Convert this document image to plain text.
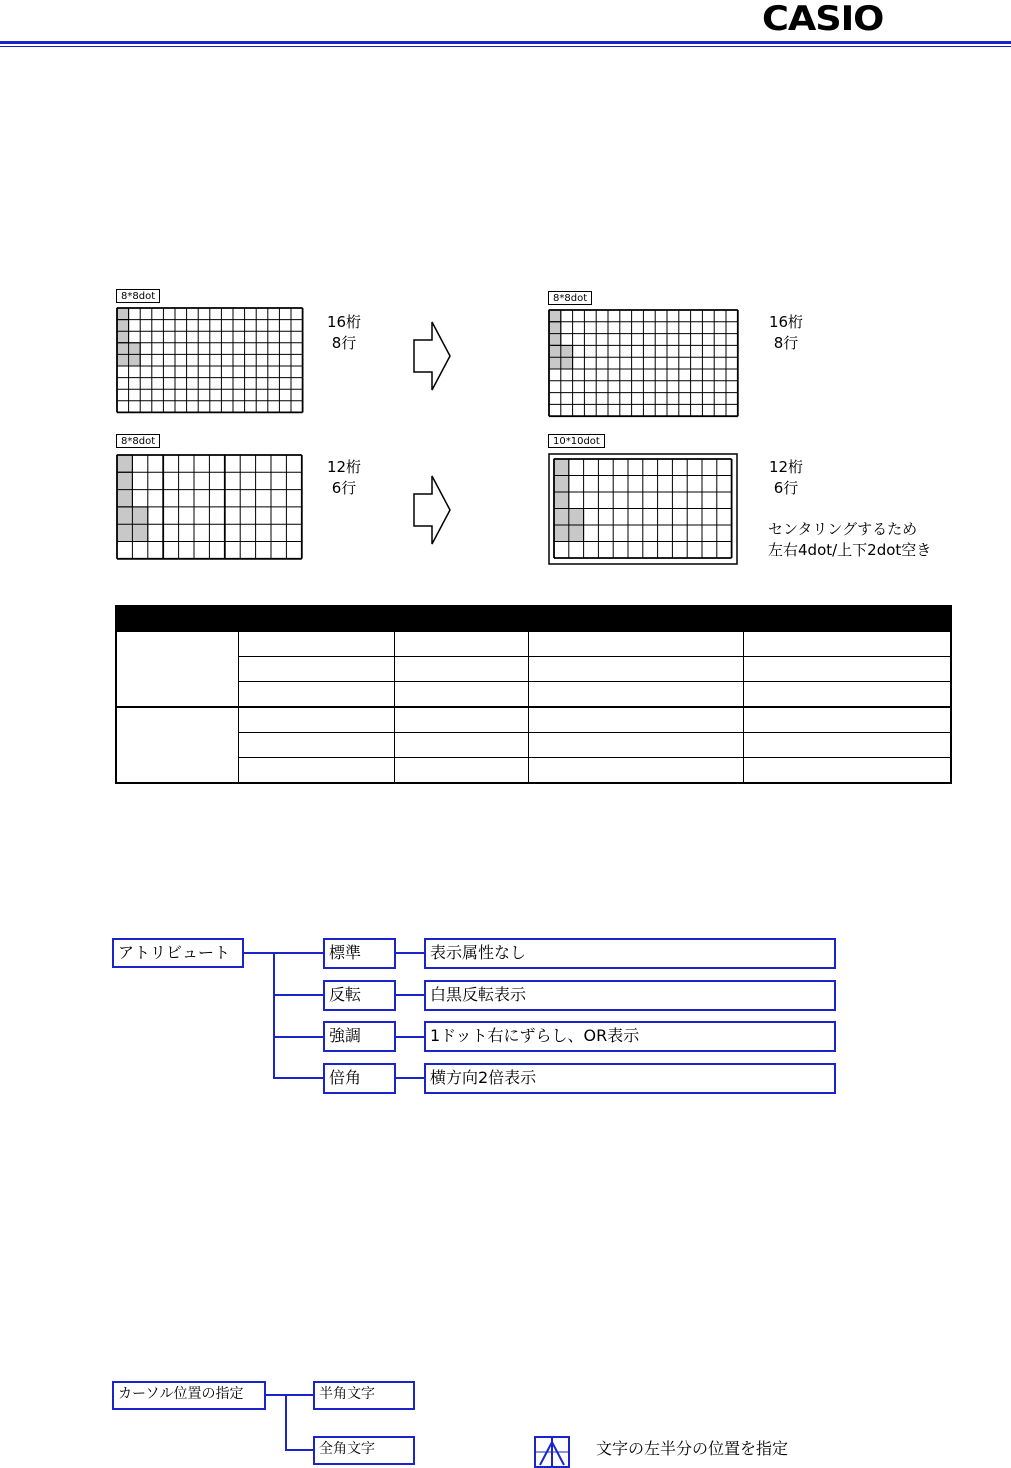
CASIO
8*8dot
16桁
8行
8*8dot
16桁
8行
8*8dot
12桁
6行
10*10dot
12桁
6行
センタリングするため
左右4dot/上下2dot空き

アトリビュート	標準	表示属性なし
反転	白黒反転表示
強調	1ドット右にずらし、OR表示
倍角	横方向2倍表示
カーソル位置の指定	半角文字
全角文字	文字の左半分の位置を指定
